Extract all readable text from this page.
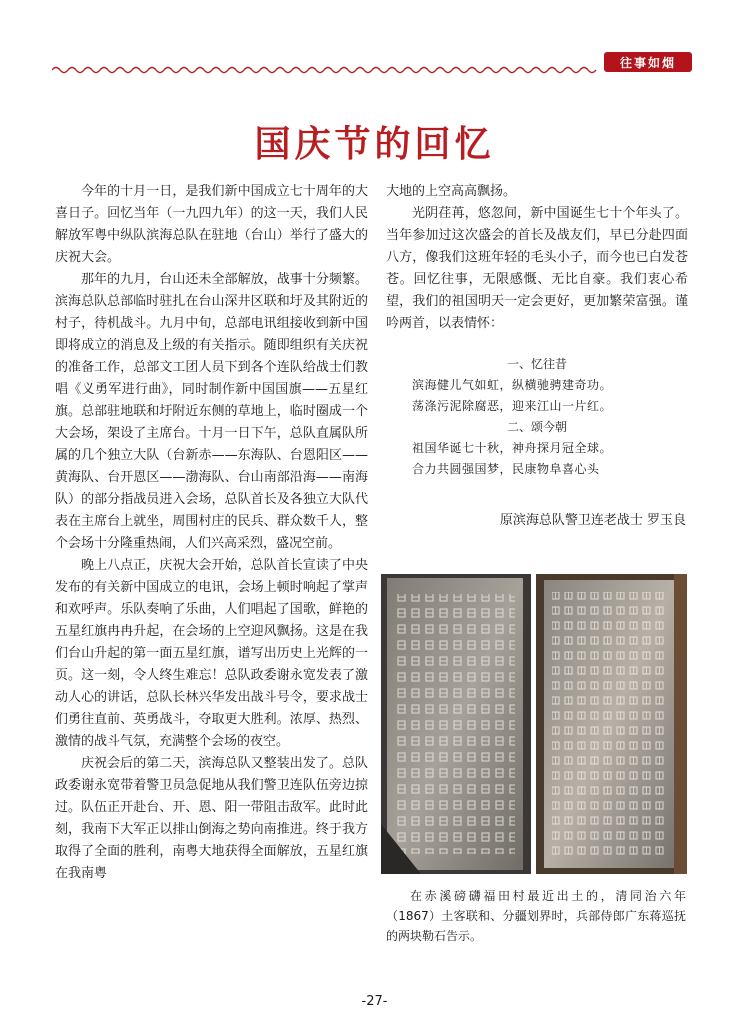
往事如烟
国庆节的回忆

今年的十月一日，是我们新中国成立七十周年的大喜日子。回忆当年（一九四九年）的这一天，我们人民解放军粤中纵队滨海总队在驻地（台山）举行了盛大的庆祝大会。

那年的九月，台山还未全部解放，战事十分频繁。滨海总队总部临时驻扎在台山深井区联和圩及其附近的村子，待机战斗。九月中旬，总部电讯组接收到新中国即将成立的消息及上级的有关指示。随即组织有关庆祝的准备工作，总部文工团人员下到各个连队给战士们教唱《义勇军进行曲》，同时制作新中国国旗——五星红旗。总部驻地联和圩附近东侧的草地上，临时圈成一个大会场，架设了主席台。十月一日下午，总队直属队所属的几个独立大队（台新赤——东海队、台恩阳区——黄海队、台开恩区——渤海队、台山南部沿海——南海队）的部分指战员进入会场，总队首长及各独立大队代表在主席台上就坐，周围村庄的民兵、群众数千人，整个会场十分隆重热闹，人们兴高采烈，盛况空前。

晚上八点正，庆祝大会开始，总队首长宣读了中央发布的有关新中国成立的电讯，会场上顿时响起了掌声和欢呼声。乐队奏响了乐曲，人们唱起了国歌，鲜艳的五星红旗冉冉升起，在会场的上空迎风飘扬。这是在我们台山升起的第一面五星红旗，谱写出历史上光辉的一页。这一刻，令人终生难忘！总队政委谢永宽发表了激动人心的讲话，总队长林兴华发出战斗号令，要求战士们勇往直前、英勇战斗，夺取更大胜利。浓厚、热烈、激情的战斗气氛，充满整个会场的夜空。

庆祝会后的第二天，滨海总队又整装出发了。总队政委谢永宽带着警卫员急促地从我们警卫连队伍旁边掠过。队伍正开赴台、开、恩、阳一带阻击敌军。此时此刻，我南下大军正以排山倒海之势向南推进。终于我方取得了全面的胜利，南粤大地获得全面解放，五星红旗在我南粤

大地的上空高高飘扬。

光阴荏苒，悠忽间，新中国诞生七十个年头了。当年参加过这次盛会的首长及战友们，早已分赴四面八方，像我们这班年轻的毛头小子，而今也已白发苍苍。回忆往事，无限感慨、无比自豪。我们衷心希望，我们的祖国明天一定会更好，更加繁荣富强。谨吟两首，以表情怀：

一、忆往昔
滨海健儿气如虹，纵横驰骋建奇功。
荡涤污泥除腐恶，迎来江山一片红。
二、颂今朝
祖国华诞七十秋，神舟探月冠全球。
合力共圆强国梦，民康物阜喜心头
原滨海总队警卫连老战士 罗玉良
在赤溪磅礴福田村最近出土的，清同治六年（1867）土客联和、分疆划界时，兵部侍郎广东蒋巡抚的两块勒石告示。
-27-
